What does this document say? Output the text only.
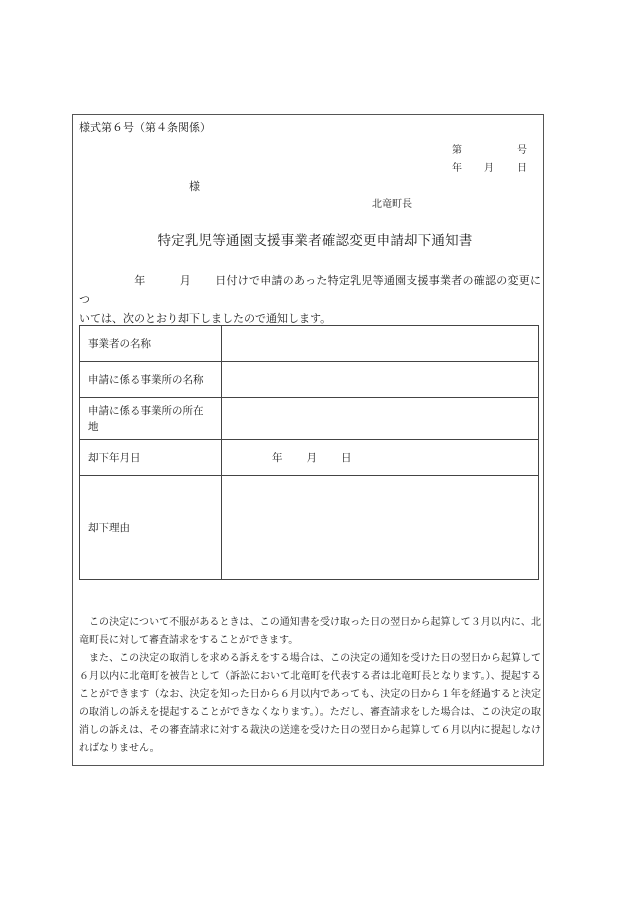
様式第６号（第４条関係）
第	号
年 月 日
様
北竜町長
特定乳児等通園支援事業者確認変更申請却下通知書
年	月 日付けで申請のあった特定乳児等通園支援事業者の確認の変更につ
いては、次のとおり却下しましたので通知します。
事業者の名称	
申請に係る事業所の名称	
申請に係る事業所の所在
地	
却下年月日	年 月 日
却下理由	

この決定について不服があるときは、この通知書を受け取った日の翌日から起算して３月以内に、北竜町長に対して審査請求をすることができます。

また、この決定の取消しを求める訴えをする場合は、この決定の通知を受けた日の翌日から起算して６月以内に北竜町を被告として（訴訟において北竜町を代表する者は北竜町長となります。）、提起することができます（なお、決定を知った日から６月以内であっても、決定の日から１年を経過すると決定の取消しの訴えを提起することができなくなります。）。ただし、審査請求をした場合は、この決定の取消しの訴えは、その審査請求に対する裁決の送達を受けた日の翌日から起算して６月以内に提起しなければなりません。
